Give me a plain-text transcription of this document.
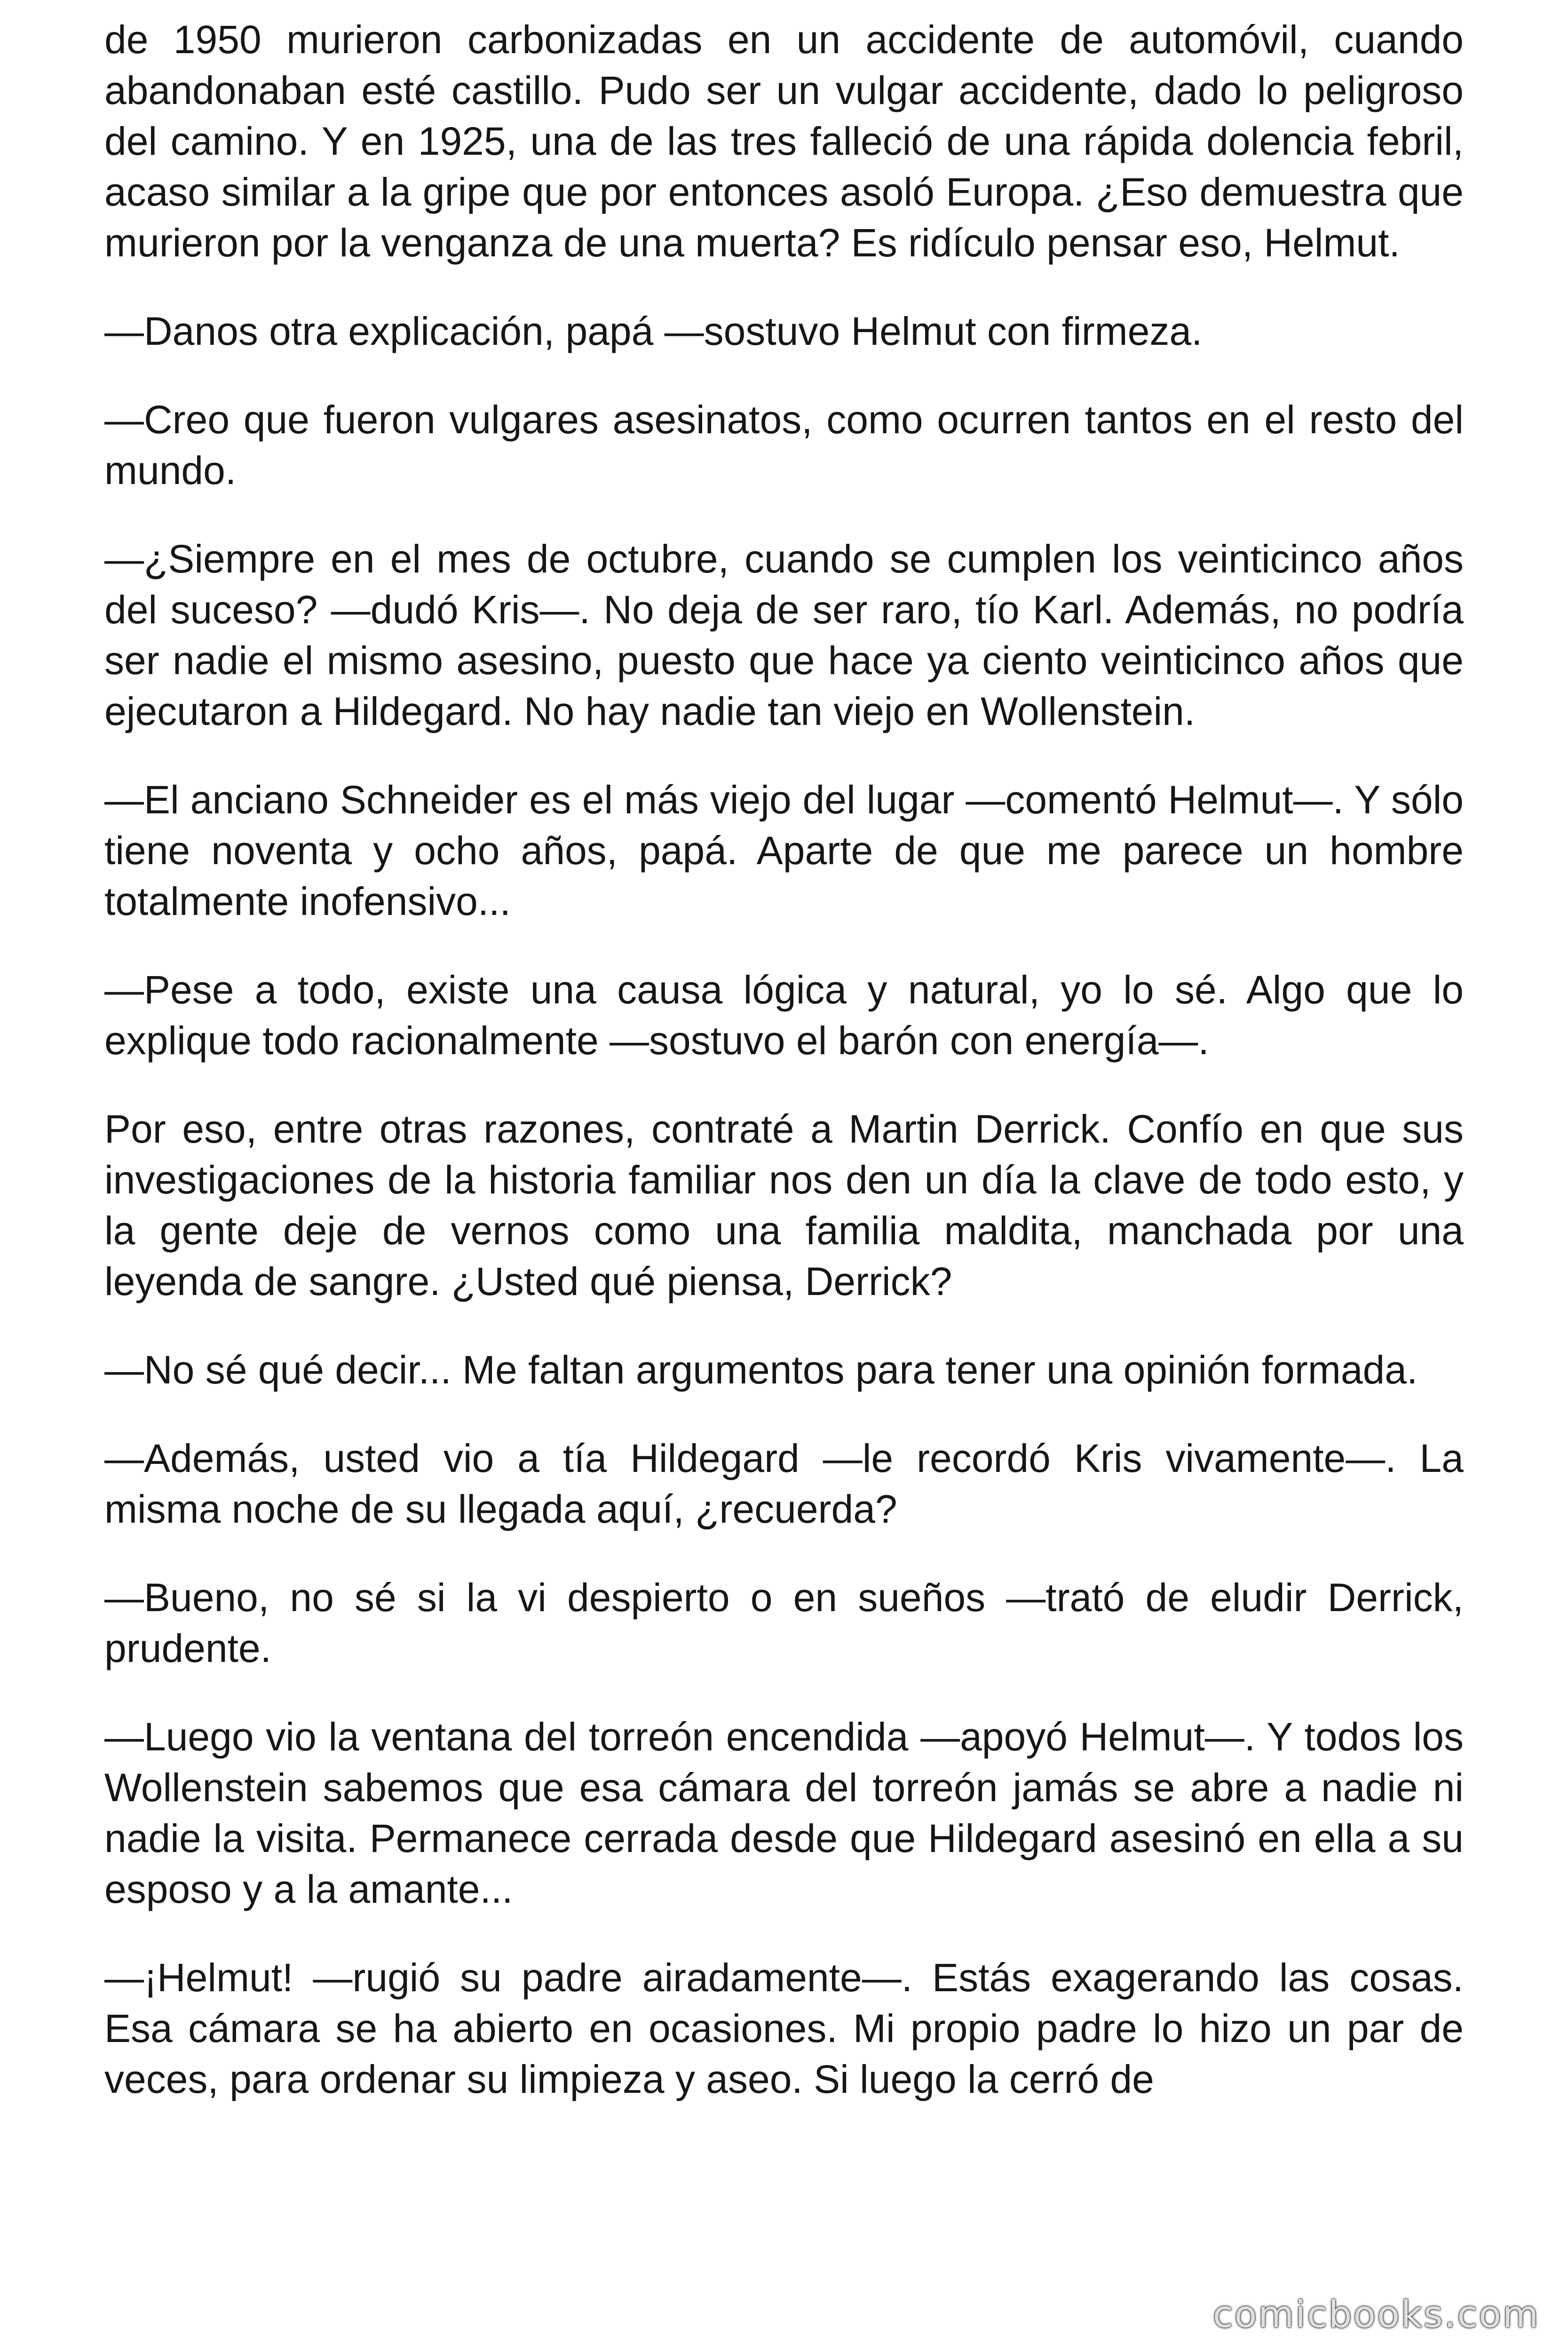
de 1950 murieron carbonizadas en un accidente de automóvil, cuando abandonaban esté castillo. Pudo ser un vulgar accidente, dado lo peligroso del camino. Y en 1925, una de las tres falleció de una rápida dolencia febril, acaso similar a la gripe que por entonces asoló Europa. ¿Eso demuestra que murieron por la venganza de una muerta? Es ridículo pensar eso, Helmut.

—Danos otra explicación, papá —sostuvo Helmut con firmeza.

—Creo que fueron vulgares asesinatos, como ocurren tantos en el resto del mundo.

—¿Siempre en el mes de octubre, cuando se cumplen los veinticinco años del suceso? —dudó Kris—. No deja de ser raro, tío Karl. Además, no podría ser nadie el mismo asesino, puesto que hace ya ciento veinticinco años que ejecutaron a Hildegard. No hay nadie tan viejo en Wollenstein.

—El anciano Schneider es el más viejo del lugar —comentó Helmut—. Y sólo tiene noventa y ocho años, papá. Aparte de que me parece un hombre totalmente inofensivo...

—Pese a todo, existe una causa lógica y natural, yo lo sé. Algo que lo explique todo racionalmente —sostuvo el barón con energía—.

Por eso, entre otras razones, contraté a Martin Derrick. Confío en que sus investigaciones de la historia familiar nos den un día la clave de todo esto, y la gente deje de vernos como una familia maldita, manchada por una leyenda de sangre. ¿Usted qué piensa, Derrick?

—No sé qué decir... Me faltan argumentos para tener una opinión formada.

—Además, usted vio a tía Hildegard —le recordó Kris vivamente—. La misma noche de su llegada aquí, ¿recuerda?

—Bueno, no sé si la vi despierto o en sueños —trató de eludir Derrick, prudente.

—Luego vio la ventana del torreón encendida —apoyó Helmut—. Y todos los Wollenstein sabemos que esa cámara del torreón jamás se abre a nadie ni nadie la visita. Permanece cerrada desde que Hildegard asesinó en ella a su esposo y a la amante...

—¡Helmut! —rugió su padre airadamente—. Estás exagerando las cosas. Esa cámara se ha abierto en ocasiones. Mi propio padre lo hizo un par de veces, para ordenar su limpieza y aseo. Si luego la cerró de

comicbooks.com
